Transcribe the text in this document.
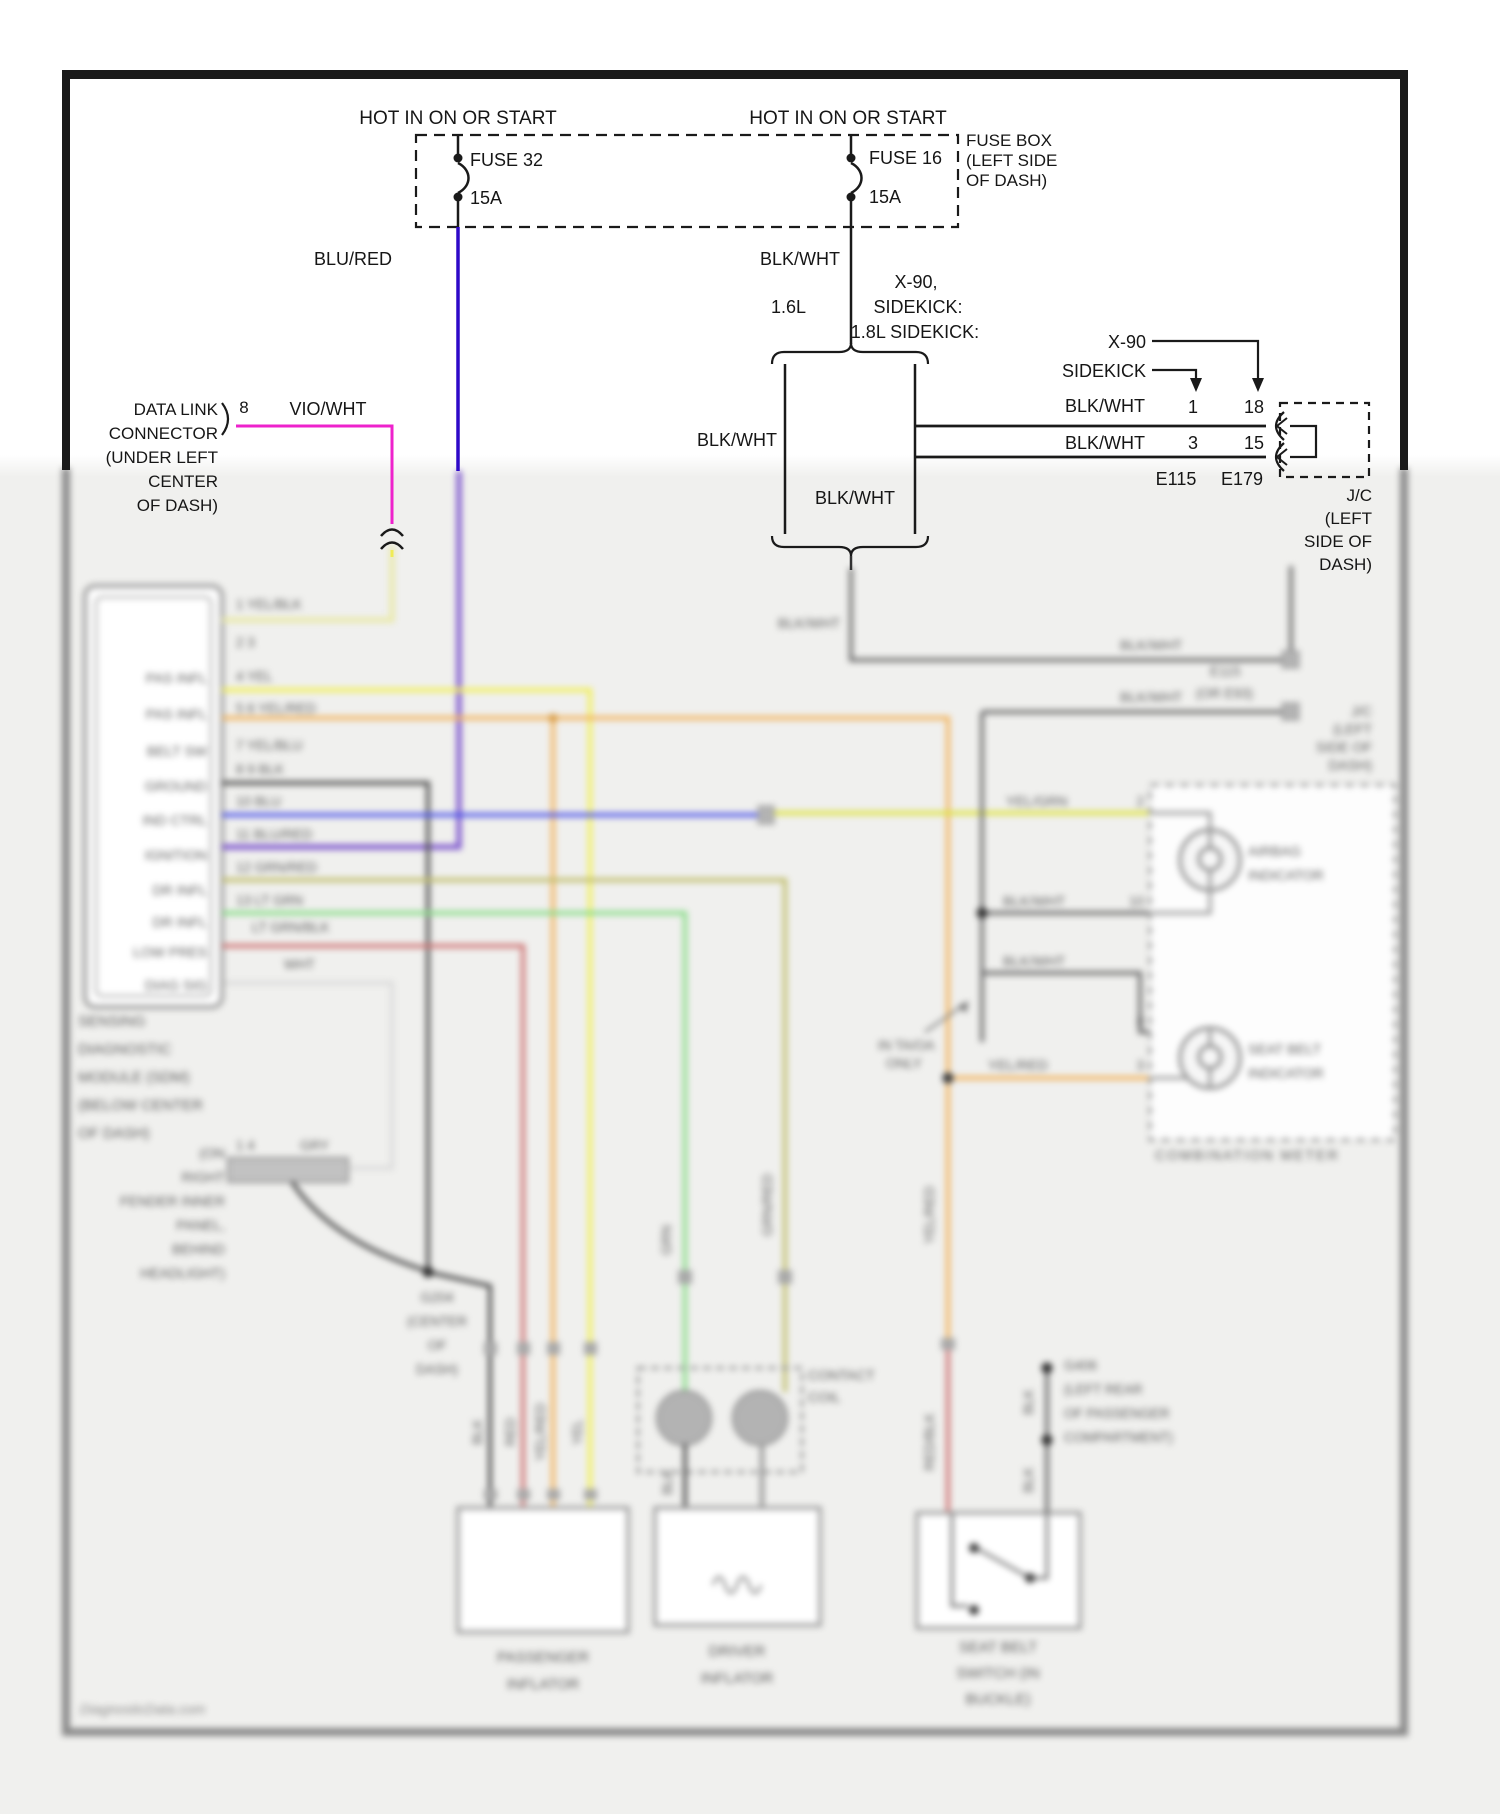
PAS INFL
PAS INFL
BELT SW
GROUND
IND CTRL
IGNITION
DR INFL
DR INFL
LOW PRES
DIAG SIG
1 YEL/BLK
2 3
4 YEL
5 6 YEL/RED
7 YEL/BLU
8 9 BLK
10 BLU
11 BLU/RED
12 GRN/RED
13 LT GRN
LT GRN/BLK
WHT
SENSING
DIAGNOSTIC
MODULE (SDM)
(BELOW CENTER
OF DASH)
1 4	GRY
(ON
RIGHT
FENDER INNER
PANEL,
BEHIND
HEADLIGHT)
G204
(CENTER
OF
DASH)
BLK/WHT
BLK/WHT
BLK/WHT
E115
(OR E93)
J/C
(LEFT
SIDE OF
DASH)
AIRBAG
INDICATOR
SEAT BELT
INDICATOR
COMBINATION METER
YEL/GRN
BLK/WHT
BLK/WHT
YEL/RED
2
10
8
3
IN TA/OA
ONLY
BLK RED YEL/RED YEL
GRN
GRN/RED
BLK
YEL/RED
RED/BLK
BLK
BLK
PASSENGER
INFLATOR
CONTACT
COIL
DRIVER
INFLATOR
SEAT BELT
SWITCH (IN
BUCKLE)
G406
(LEFT REAR
OF PASSENGER
COMPARTMENT)
DiagnosticData.com
HOT IN ON OR START	HOT IN ON OR START
FUSE 32
15A
FUSE 16
15A
FUSE BOX
(LEFT SIDE
OF DASH)
BLU/RED	BLK/WHT
1.6L
X-90,
SIDEKICK:
1.8L SIDEKICK:
BLK/WHT
BLK/WHT
DATA LINK
CONNECTOR
(UNDER LEFT
CENTER
OF DASH)
8 VIO/WHT
X-90
SIDEKICK
BLK/WHT 1	18
BLK/WHT 3	15
E115 E179
J/C
(LEFT
SIDE OF
DASH)
